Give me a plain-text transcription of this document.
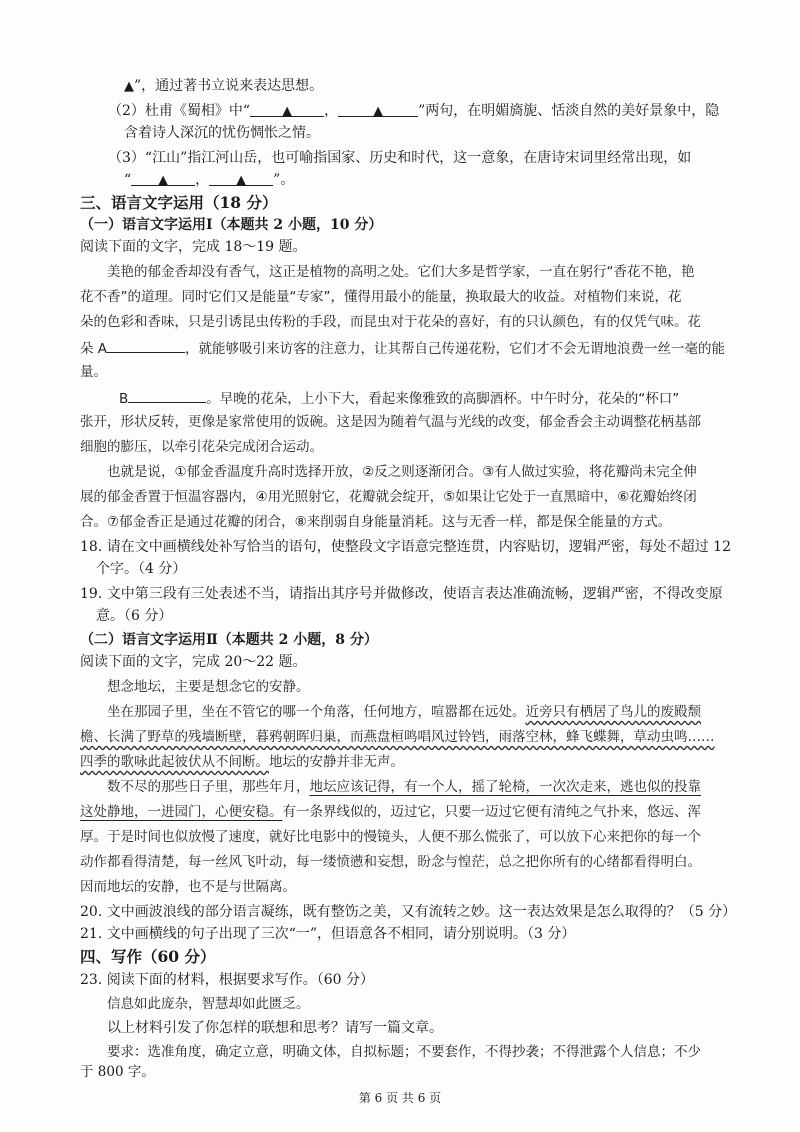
▲”，通过著书立说来表达思想。
（2）杜甫《蜀相》中“ ▲ ，	▲	”两句，在明媚旖旎、恬淡自然的美好景象中，隐
含着诗人深沉的忧伤惆怅之情。
（3）“江山”指江河山岳，也可喻指国家、历史和时代，这一意象，在唐诗宋词里经常出现，如
“ ▲ ， ▲ ”。
三、语言文字运用（18 分）
（一）语言文字运用Ⅰ（本题共 2 小题，10 分）
阅读下面的文字，完成 18～19 题。
美艳的郁金香却没有香气，这正是植物的高明之处。它们大多是哲学家，一直在躬行“香花不艳，艳
花不香”的道理。同时它们又是能量“专家”，懂得用最小的能量，换取最大的收益。对植物们来说，花
朵的色彩和香味，只是引诱昆虫传粉的手段，而昆虫对于花朵的喜好，有的只认颜色，有的仅凭气味。花
朵 A	，就能够吸引来访客的注意力，让其帮自己传递花粉，它们才不会无谓地浪费一丝一毫的能
量。
B	。早晚的花朵，上小下大，看起来像雅致的高脚酒杯。中午时分，花朵的“杯口”
张开，形状反转，更像是家常使用的饭碗。这是因为随着气温与光线的改变，郁金香会主动调整花柄基部
细胞的膨压，以牵引花朵完成闭合运动。
也就是说，①郁金香温度升高时选择开放，②反之则逐渐闭合。③有人做过实验，将花瓣尚未完全伸
展的郁金香置于恒温容器内，④用光照射它，花瓣就会绽开，⑤如果让它处于一直黑暗中，⑥花瓣始终闭
合。⑦郁金香正是通过花瓣的闭合，⑧来削弱自身能量消耗。这与无香一样，都是保全能量的方式。
18. 请在文中画横线处补写恰当的语句，使整段文字语意完整连贯，内容贴切，逻辑严密，每处不超过 12
个字。（4 分）
19. 文中第三段有三处表述不当，请指出其序号并做修改，使语言表达准确流畅，逻辑严密，不得改变原
意。（6 分）
（二）语言文字运用Ⅱ（本题共 2 小题，8 分）
阅读下面的文字，完成 20～22 题。
想念地坛，主要是想念它的安静。
坐在那园子里，坐在不管它的哪一个角落，任何地方，喧嚣都在远处。近旁只有栖居了鸟儿的废殿颓
檐、长满了野草的残墙断壁，暮鸦朝晖归巢，而燕盘桓鸣唱风过铃铛，雨落空林，蜂飞蝶舞，草动虫鸣……
四季的歌咏此起彼伏从不间断。地坛的安静并非无声。
数不尽的那些日子里，那些年月，地坛应该记得，有一个人，摇了轮椅，一次次走来，逃也似的投靠
这处静地，一进园门，心便安稳。有一条界线似的，迈过它，只要一迈过它便有清纯之气扑来，悠远、浑
厚。于是时间也似放慢了速度，就好比电影中的慢镜头，人便不那么慌张了，可以放下心来把你的每一个
动作都看得清楚，每一丝风飞叶动，每一缕愤懑和妄想，盼念与惶茫，总之把你所有的心绪都看得明白。
因而地坛的安静，也不是与世隔离。
20. 文中画波浪线的部分语言凝练，既有整饬之美，又有流转之妙。这一表达效果是怎么取得的？（5 分）
21. 文中画横线的句子出现了三次“一”，但语意各不相同，请分别说明。（3 分）
四、写作（60 分）
23. 阅读下面的材料，根据要求写作。（60 分）
信息如此庞杂，智慧却如此匮乏。
以上材料引发了你怎样的联想和思考？请写一篇文章。
要求：选准角度，确定立意，明确文体，自拟标题；不要套作，不得抄袭；不得泄露个人信息；不少
第 6 页 共 6 页
于 800 字。
